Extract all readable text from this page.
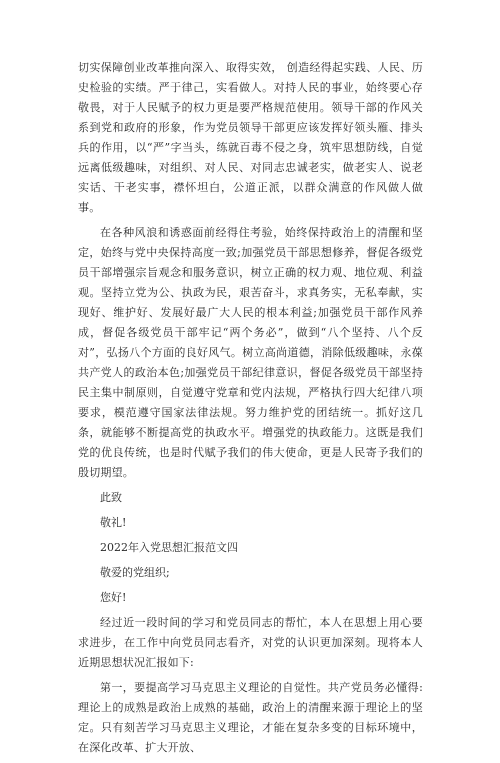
切实保障创业改革推向深入、取得实效， 创造经得起实践、人民、历史检验的实绩。严于律己，实看做人。对持人民的事业，始终要心存敬畏，对于人民赋予的权力更是要严格规范使用。领导干部的作风关系到党和政府的形象，作为党员领导干部更应该发挥好领头雁、排头兵的作用，以“严”字当头，练就百毒不侵之身，筑牢思想防线，自觉远离低级趣味，对组织、对人民、对同志忠诚老实，做老实人、说老实话、干老实事，襟怀坦白，公道正派，以群众满意的作风做人做事。

在各种风浪和诱惑面前经得住考验，始终保持政治上的清醒和坚定，始终与党中央保持高度一致;加强党员干部思想修养，督促各级党员干部增强宗旨观念和服务意识，树立正确的权力观、地位观、利益观。坚持立党为公、执政为民，艰苦奋斗，求真务实，无私奉献，实现好、维护好、发展好最广大人民的根本利益;加强党员干部作风养成，督促各级党员干部牢记“两个务必”，做到“八个坚持、八个反对”，弘扬八个方面的良好风气。树立高尚道德，消除低级趣味，永葆共产党人的政治本色;加强党员干部纪律意识，督促各级党员干部坚持民主集中制原则，自觉遵守党章和党内法规，严格执行四大纪律八项要求，模范遵守国家法律法规。努力维护党的团结统一。抓好这几条，就能够不断提高党的执政水平。增强党的执政能力。这既是我们党的优良传统，也是时代赋予我们的伟大使命，更是人民寄予我们的殷切期望。

此致
敬礼!
2022年入党思想汇报范文四
敬爱的党组织;
您好!

经过近一段时间的学习和党员同志的帮忙，本人在思想上用心要求进步，在工作中向党员同志看齐，对党的认识更加深刻。现将本人近期思想状况汇报如下:

第一，要提高学习马克思主义理论的自觉性。共产党员务必懂得:理论上的成熟是政治上成熟的基础，政治上的清醒来源于理论上的坚定。只有刻苦学习马克思主义理论，才能在复杂多变的目标环境中，在深化改革、扩大开放、
